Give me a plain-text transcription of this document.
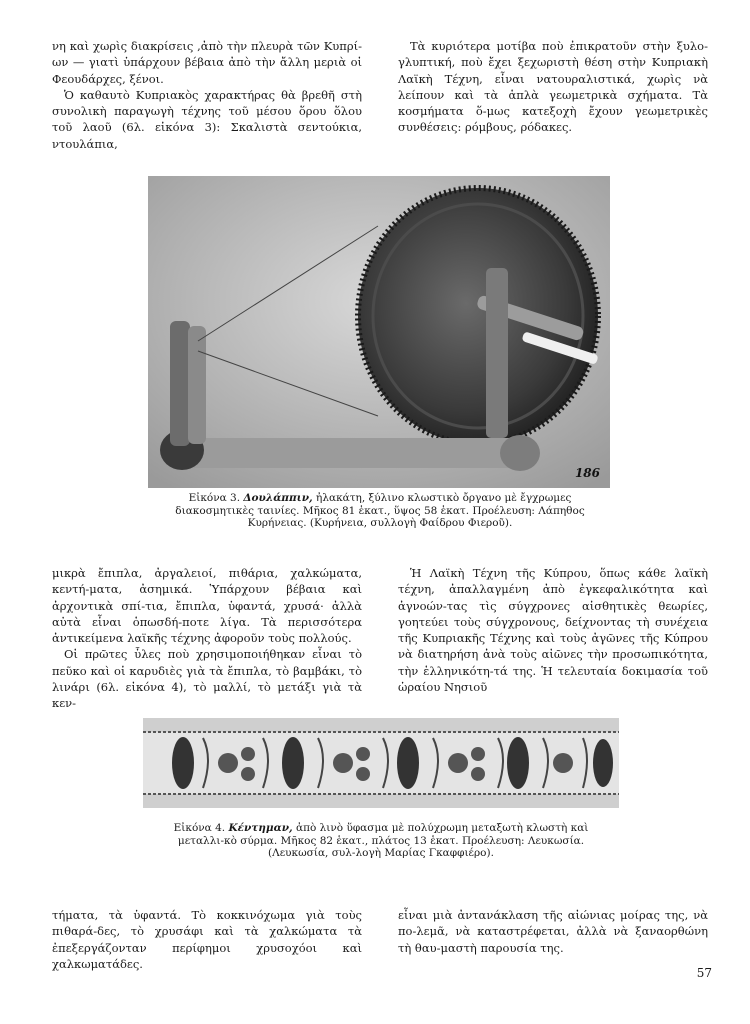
νη καὶ χωρὶς διακρίσεις ,ἀπὸ τὴν πλευρὰ τῶν Κυπρί-ων — γιατὶ ὑπάρχουν βέβαια ἀπὸ τὴν ἄλλη μεριὰ οἱ Φεουδάρχες, ξένοι.

Ὁ καθαυτὸ Κυπριακὸς χαρακτήρας θὰ βρεθῆ στὴ συνολικὴ παραγωγὴ τέχνης τοῦ μέσου ὅρου ὅλου τοῦ λαοῦ (6λ. εἰκόνα 3): Σκαλιστὰ σεντούκια, ντουλάπια,

Τὰ κυριότερα μοτίβα ποὺ ἐπικρατοῦν στὴν ξυλο-γλυπτική, ποὺ ἔχει ξεχωριστὴ θέση στὴν Κυπριακὴ Λαϊκὴ Τέχνη, εἶναι νατουραλιστικά, χωρὶς νὰ λείπουν καὶ τὰ ἁπλὰ γεωμετρικὰ σχήματα. Τὰ κοσμήματα ὅ-μως κατεξοχὴ ἔχουν γεωμετρικὲς συνθέσεις: ρόμβους, ρόδακες.

186
Εἰκόνα 3. Δουλάππιν, ἠλακάτη, ξύλινο κλωστικὸ ὄργανο μὲ ἔγχρωμες διακοσμητικὲς ταινίες. Μῆκος 81 ἑκατ., ὕψος 58 ἑκατ. Προέλευση: Λάπηθος Κυρήνειας. (Κυρήνεια, συλλογὴ Φαίδρου Φιεροῦ).

μικρὰ ἔπιπλα, ἀργαλειοί, πιθάρια, χαλκώματα, κεντή-ματα, ἀσημικά. Ὑπάρχουν βέβαια καὶ ἀρχοντικὰ σπί-τια, ἔπιπλα, ὑφαντά, χρυσά· ἀλλὰ αὐτὰ εἶναι ὁπωσδή-ποτε λίγα. Τὰ περισσότερα ἀντικείμενα λαϊκῆς τέχνης ἀφοροῦν τοὺς πολλούς.

Οἱ πρῶτες ὗλες ποὺ χρησιμοποιήθηκαν εἶναι τὸ πεῦκο καὶ οἱ καρυδιὲς γιὰ τὰ ἔπιπλα, τὸ βαμβάκι, τὸ λινάρι (6λ. εἰκόνα 4), τὸ μαλλί, τὸ μετάξι γιὰ τὰ κεν-

Ἡ Λαϊκὴ Τέχνη τῆς Κύπρου, ὅπως κάθε λαϊκὴ τέχνη, ἀπαλλαγμένη ἀπὸ ἐγκεφαλικότητα καὶ ἀγνοών-τας τὶς σύγχρονες αἰσθητικὲς θεωρίες, γοητεύει τοὺς σύγχρονους, δείχνοντας τὴ συνέχεια τῆς Κυπριακῆς Τέχνης καὶ τοὺς ἀγῶνες τῆς Κύπρου νὰ διατηρήση ἀνὰ τοὺς αἰῶνες τὴν προσωπικότητα, τὴν ἑλληνικότη-τά της. Ἡ τελευταία δοκιμασία τοῦ ὡραίου Νησιοῦ

Εἰκόνα 4. Κέντημαν, ἀπὸ λινὸ ὕφασμα μὲ πολύχρωμη μεταξωτὴ κλωστὴ καὶ μεταλλι-κὸ σύρμα. Μῆκος 82 ἑκατ., πλάτος 13 ἑκατ. Προέλευση: Λευκωσία. (Λευκωσία, συλ-λογὴ Μαρίας Γκαφφιέρο).

τήματα, τὰ ὑφαντά. Τὸ κοκκινόχωμα γιὰ τοὺς πιθαρά-δες, τὸ χρυσάφι καὶ τὰ χαλκώματα τὰ ἐπεξεργάζονταν περίφημοι χρυσοχόοι καὶ χαλκωματάδες.

εἶναι μιὰ ἀντανάκλαση τῆς αἰώνιας μοίρας της, νὰ πο-λεμᾶ, νὰ καταστρέφεται, ἀλλὰ νὰ ξαναορθώνη τὴ θαυ-μαστὴ παρουσία της.

57
